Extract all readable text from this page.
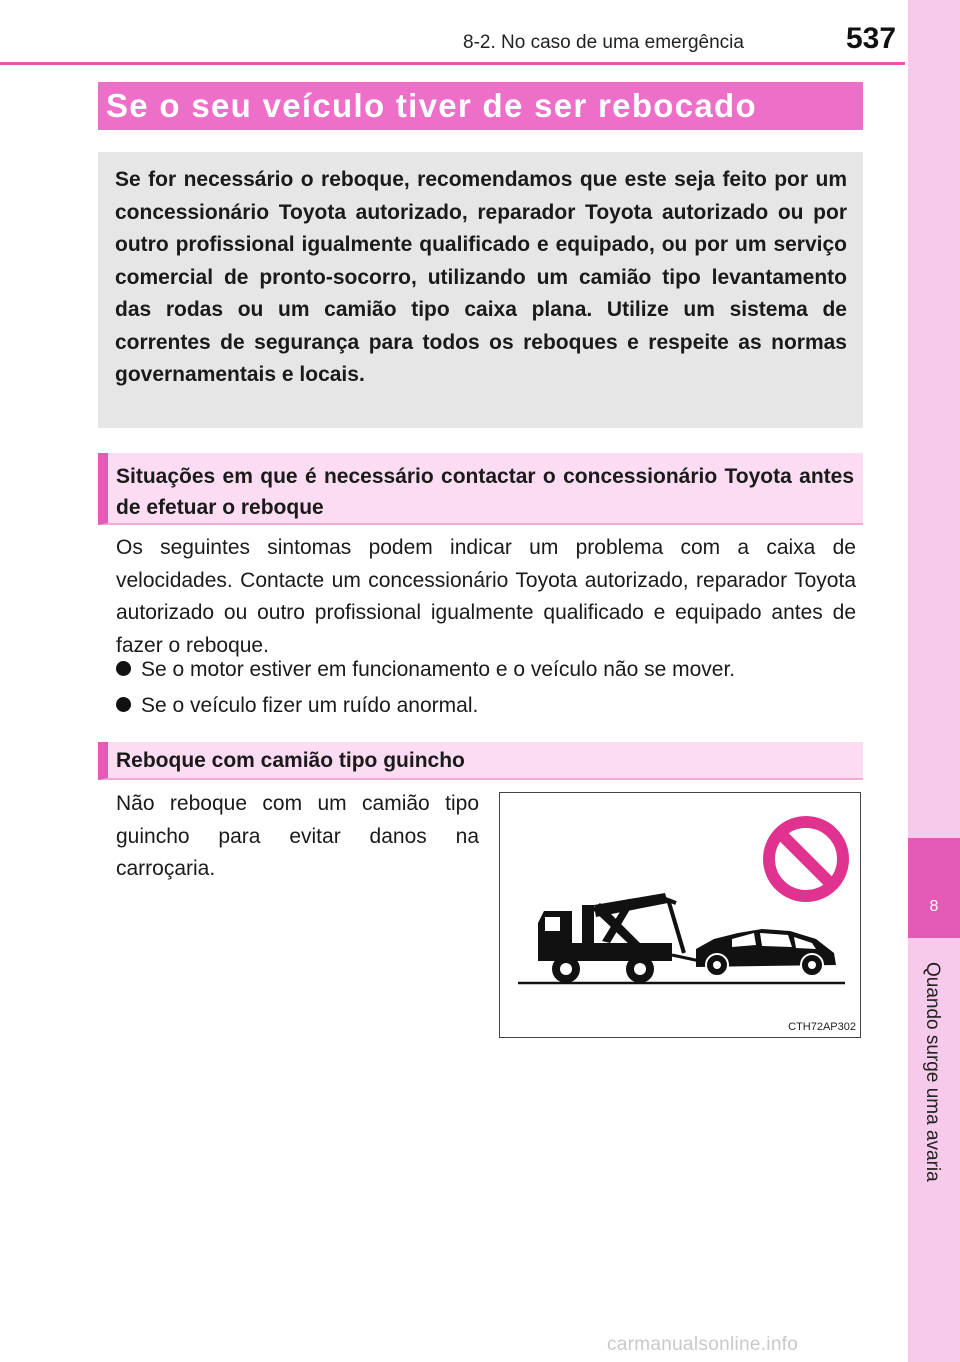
8-2. No caso de uma emergência	537
8
Quando surge uma avaria
Se o seu veículo tiver de ser rebocado

Se for necessário o reboque, recomendamos que este seja feito por um concessionário Toyota autorizado, reparador Toyota autorizado ou por outro profissional igualmente qualificado e equipado, ou por um serviço comercial de pronto-socorro, utilizando um camião tipo levantamento das rodas ou um camião tipo caixa plana. Utilize um sistema de correntes de segurança para todos os reboques e respeite as normas governamentais e locais.

Situações em que é necessário contactar o concessionário Toyota antes de efetuar o reboque

Os seguintes sintomas podem indicar um problema com a caixa de velocidades. Contacte um concessionário Toyota autorizado, reparador Toyota autorizado ou outro profissional igualmente qualificado e equipado antes de fazer o reboque.

Se o motor estiver em funcionamento e o veículo não se mover.
Se o veículo fizer um ruído anormal.
Reboque com camião tipo guincho

Não reboque com um camião tipo guincho para evitar danos na carroçaria.

CTH72AP302
carmanualsonline.info
